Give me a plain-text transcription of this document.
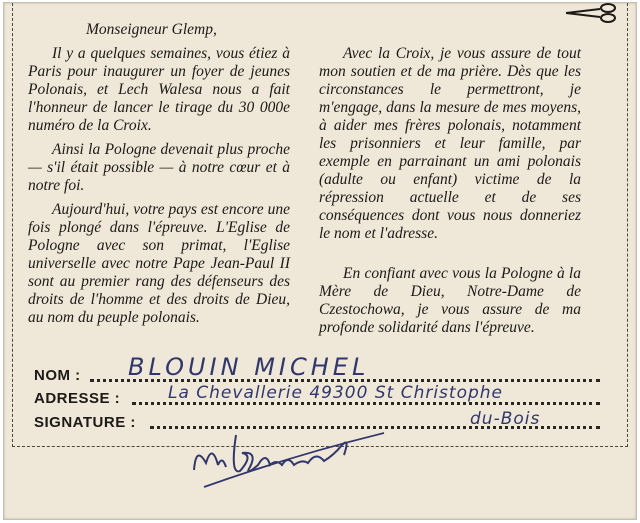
Monseigneur Glemp,

Il y a quelques semaines, vous étiez à Paris pour inaugurer un foyer de jeunes Polonais, et Lech Walesa nous a fait l'honneur de lancer le tirage du 30 000e numéro de la Croix.

Ainsi la Pologne devenait plus proche — s'il était possible — à notre cœur et à notre foi.

Aujourd'hui, votre pays est encore une fois plongé dans l'épreuve. L'Eglise de Pologne avec son primat, l'Eglise universelle avec notre Pape Jean-Paul II sont au premier rang des défenseurs des droits de l'homme et des droits de Dieu, au nom du peuple polonais.

Avec la Croix, je vous assure de tout mon soutien et de ma prière. Dès que les circonstances le permettront, je m'engage, dans la mesure de mes moyens, à aider mes frères polonais, notamment les prisonniers et leur famille, par exemple en parrainant un ami polonais (adulte ou enfant) victime de la répression actuelle et de ses conséquences dont vous nous donneriez le nom et l'adresse.

En confiant avec vous la Pologne à la Mère de Dieu, Notre-Dame de Czestochowa, je vous assure de ma profonde solidarité dans l'épreuve.

NOM : BLOUIN MICHEL
ADRESSE :	La Chevallerie 49300 St Christophe
SIGNATURE :	du-Bois
